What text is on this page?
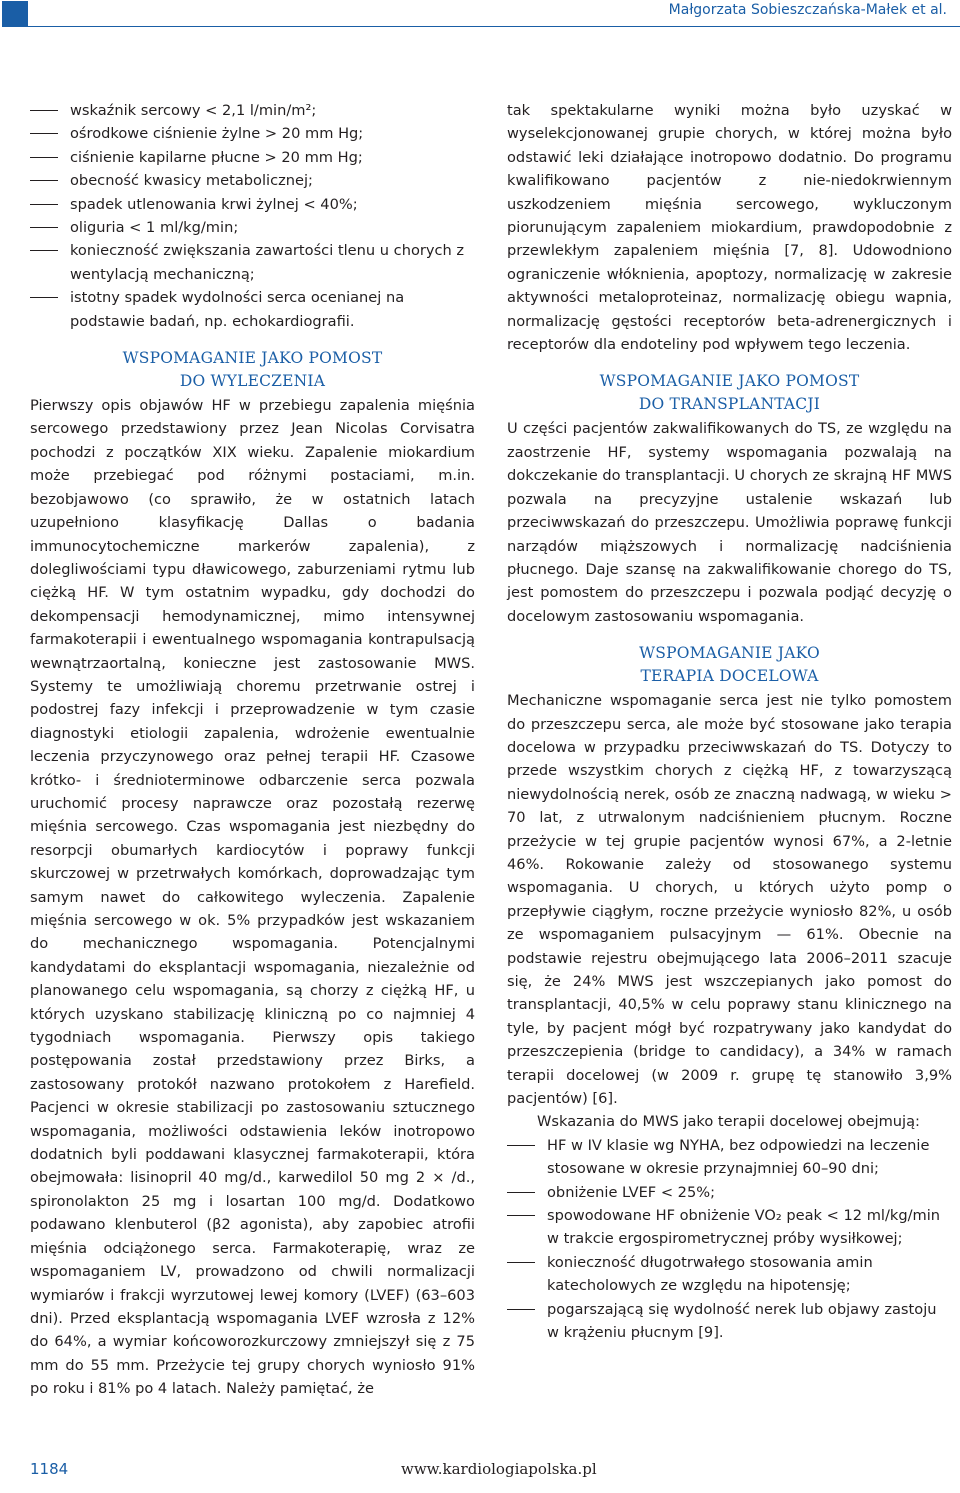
Małgorzata Sobieszczańska-Małek et al.
wskaźnik sercowy < 2,1 l/min/m²;
ośrodkowe ciśnienie żylne > 20 mm Hg;
ciśnienie kapilarne płucne > 20 mm Hg;
obecność kwasicy metabolicznej;
spadek utlenowania krwi żylnej < 40%;
oliguria < 1 ml/kg/min;
konieczność zwiększania zawartości tlenu u chorych z wentylacją mechaniczną;
istotny spadek wydolności serca ocenianej na podstawie badań, np. echokardiografii.
WSPOMAGANIE JAKO POMOST
DO WYLECZENIA

Pierwszy opis objawów HF w przebiegu zapalenia mięśnia sercowego przedstawiony przez Jean Nicolas Corvisatra pochodzi z początków XIX wieku. Zapalenie miokardium może przebiegać pod różnymi postaciami, m.in. bezobjawowo (co sprawiło, że w ostatnich latach uzupełniono klasyfikację Dallas o badania immunocytochemiczne markerów zapalenia), z dolegliwościami typu dławicowego, zaburzeniami rytmu lub ciężką HF. W tym ostatnim wypadku, gdy dochodzi do dekompensacji hemodynamicznej, mimo intensywnej farmakoterapii i ewentualnego wspomagania kontrapulsacją wewnątrzaortalną, konieczne jest zastosowanie MWS. Systemy te umożliwiają choremu przetrwanie ostrej i podostrej fazy infekcji i przeprowadzenie w tym czasie diagnostyki etiologii zapalenia, wdrożenie ewentualnie leczenia przyczynowego oraz pełnej terapii HF. Czasowe krótko- i średnioterminowe odbarczenie serca pozwala uruchomić procesy naprawcze oraz pozostałą rezerwę mięśnia sercowego. Czas wspomagania jest niezbędny do resorpcji obumarłych kardiocytów i poprawy funkcji skurczowej w przetrwałych komórkach, doprowadzając tym samym nawet do całkowitego wyleczenia. Zapalenie mięśnia sercowego w ok. 5% przypadków jest wskazaniem do mechanicznego wspomagania. Potencjalnymi kandydatami do eksplantacji wspomagania, niezależnie od planowanego celu wspomagania, są chorzy z ciężką HF, u których uzyskano stabilizację kliniczną po co najmniej 4 tygodniach wspomagania. Pierwszy opis takiego postępowania został przedstawiony przez Birks, a zastosowany protokół nazwano protokołem z Harefield. Pacjenci w okresie stabilizacji po zastosowaniu sztucznego wspomagania, możliwości odstawienia leków inotropowo dodatnich byli poddawani klasycznej farmakoterapii, która obejmowała: lisinopril 40 mg/d., karwedilol 50 mg 2 × /d., spironolakton 25 mg i losartan 100 mg/d. Dodatkowo podawano klenbuterol (β2 agonista), aby zapobiec atrofii mięśnia odciążonego serca. Farmakoterapię, wraz ze wspomaganiem LV, prowadzono od chwili normalizacji wymiarów i frakcji wyrzutowej lewej komory (LVEF) (63–603 dni). Przed eksplantacją wspomagania LVEF wzrosła z 12% do 64%, a wymiar końcoworozkurczowy zmniejszył się z 75 mm do 55 mm. Przeżycie tej grupy chorych wyniosło 91% po roku i 81% po 4 latach. Należy pamiętać, że

tak spektakularne wyniki można było uzyskać w wyselekcjonowanej grupie chorych, w której można było odstawić leki działające inotropowo dodatnio. Do programu kwalifikowano pacjentów z nie-niedokrwiennym uszkodzeniem mięśnia sercowego, wykluczonym piorunującym zapaleniem miokardium, prawdopodobnie z przewlekłym zapaleniem mięśnia [7, 8]. Udowodniono ograniczenie włóknienia, apoptozy, normalizację w zakresie aktywności metaloproteinaz, normalizację obiegu wapnia, normalizację gęstości receptorów beta-adrenergicznych i receptorów dla endoteliny pod wpływem tego leczenia.

WSPOMAGANIE JAKO POMOST
DO TRANSPLANTACJI

U części pacjentów zakwalifikowanych do TS, ze względu na zaostrzenie HF, systemy wspomagania pozwalają na dokczekanie do transplantacji. U chorych ze skrajną HF MWS pozwala na precyzyjne ustalenie wskazań lub przeciwwskazań do przeszczepu. Umożliwia poprawę funkcji narządów miąższowych i normalizację nadciśnienia płucnego. Daje szansę na zakwalifikowanie chorego do TS, jest pomostem do przeszczepu i pozwala podjąć decyzję o docelowym zastosowaniu wspomagania.

WSPOMAGANIE JAKO
TERAPIA DOCELOWA

Mechaniczne wspomaganie serca jest nie tylko pomostem do przeszczepu serca, ale może być stosowane jako terapia docelowa w przypadku przeciwwskazań do TS. Dotyczy to przede wszystkim chorych z ciężką HF, z towarzyszącą niewydolnością nerek, osób ze znaczną nadwagą, w wieku > 70 lat, z utrwalonym nadciśnieniem płucnym. Roczne przeżycie w tej grupie pacjentów wynosi 67%, a 2-letnie 46%. Rokowanie zależy od stosowanego systemu wspomagania. U chorych, u których użyto pomp o przepływie ciągłym, roczne przeżycie wyniosło 82%, u osób ze wspomaganiem pulsacyjnym — 61%. Obecnie na podstawie rejestru obejmującego lata 2006–2011 szacuje się, że 24% MWS jest wszczepianych jako pomost do transplantacji, 40,5% w celu poprawy stanu klinicznego na tyle, by pacjent mógł być rozpatrywany jako kandydat do przeszczepienia (bridge to candidacy), a 34% w ramach terapii docelowej (w 2009 r. grupę tę stanowiło 3,9% pacjentów) [6].

Wskazania do MWS jako terapii docelowej obejmują:

HF w IV klasie wg NYHA, bez odpowiedzi na leczenie stosowane w okresie przynajmniej 60–90 dni;
obniżenie LVEF < 25%;
spowodowane HF obniżenie VO₂ peak < 12 ml/kg/min w trakcie ergospirometrycznej próby wysiłkowej;
konieczność długotrwałego stosowania amin katecholowych ze względu na hipotensję;
pogarszającą się wydolność nerek lub objawy zastoju w krążeniu płucnym [9].
1184	www.kardiologiapolska.pl
